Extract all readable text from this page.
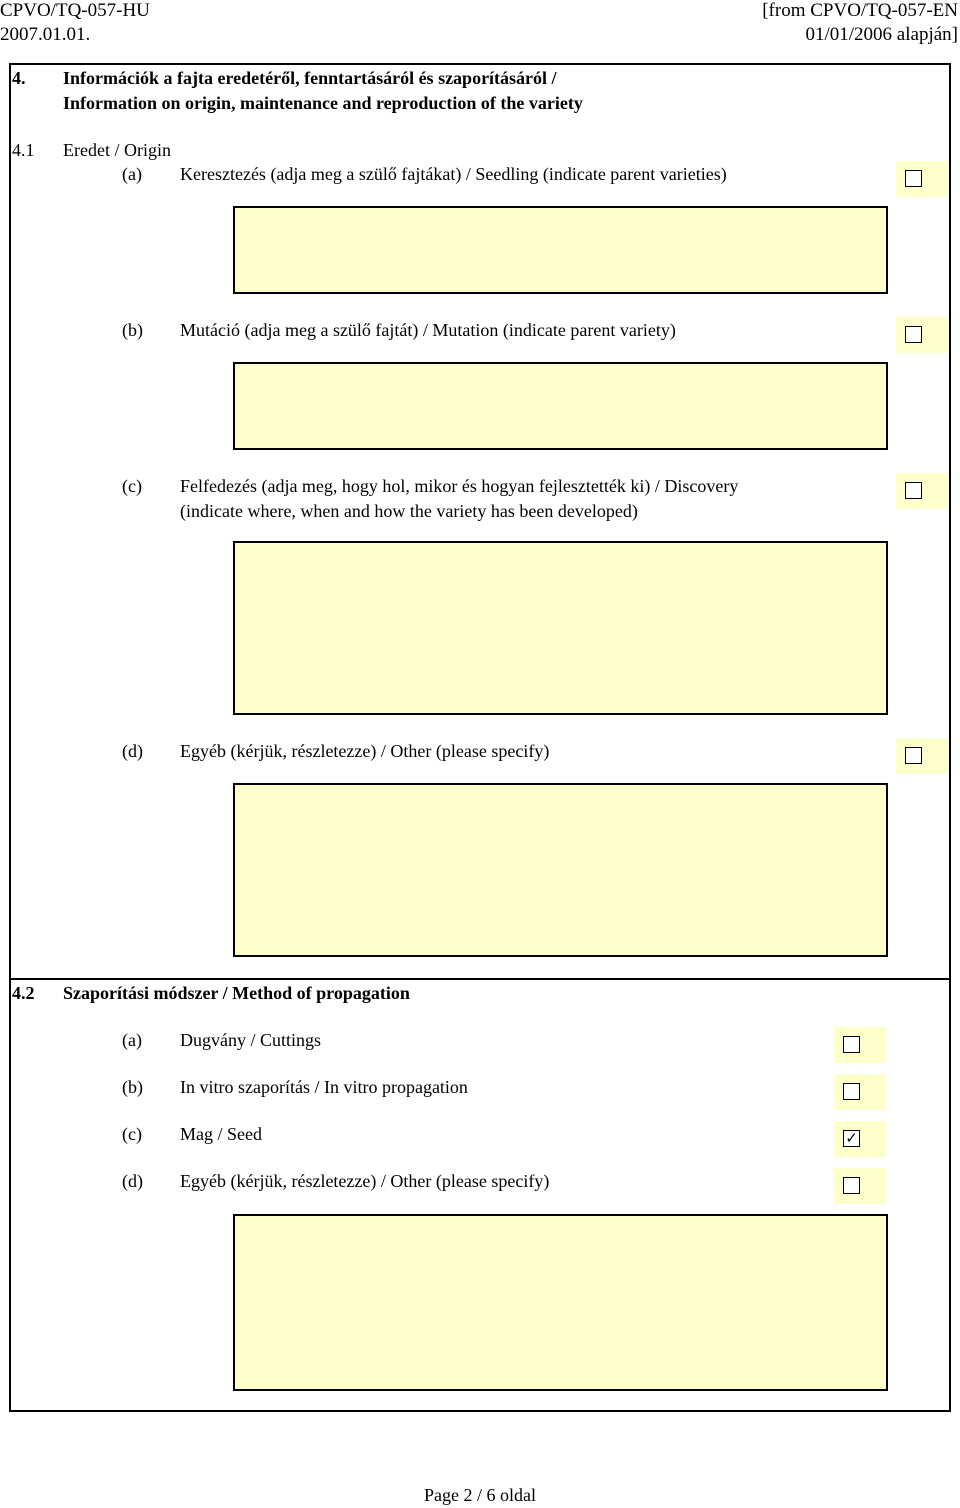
CPVO/TQ-057-HU
2007.01.01.
[from CPVO/TQ-057-EN
01/01/2006 alapján]
4. Információk a fajta eredetéről, fenntartásáról és szaporításáról /
Information on origin, maintenance and reproduction of the variety
4.1 Eredet / Origin
(a) Keresztezés (adja meg a szülő fajtákat) / Seedling (indicate parent varieties)
(b) Mutáció (adja meg a szülő fajtát) / Mutation (indicate parent variety)
(c) Felfedezés (adja meg, hogy hol, mikor és hogyan fejlesztették ki) / Discovery
(indicate where, when and how the variety has been developed)
(d) Egyéb (kérjük, részletezze) / Other (please specify)
4.2 Szaporítási módszer / Method of propagation
(a) Dugvány / Cuttings
(b) In vitro szaporítás / In vitro propagation
(c) Mag / Seed	✓
(d) Egyéb (kérjük, részletezze) / Other (please specify)
Page 2 / 6 oldal
